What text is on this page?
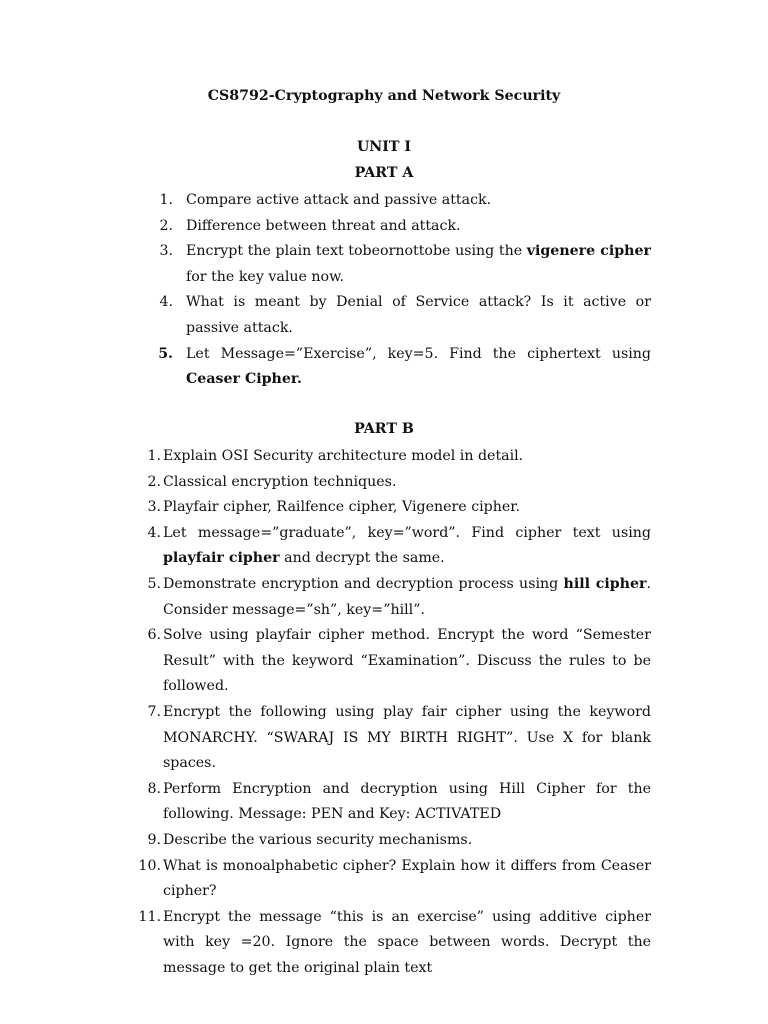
CS8792-Cryptography and Network Security
UNIT I
PART A
1. Compare active attack and passive attack.
2. Difference between threat and attack.
3. Encrypt the plain text tobeornottobe using the vigenere cipher for the key value now.
4. What is meant by Denial of Service attack? Is it active or passive attack.
5. Let Message=”Exercise”, key=5. Find the ciphertext using Ceaser Cipher.
PART B
1. Explain OSI Security architecture model in detail.
2. Classical encryption techniques.
3. Playfair cipher, Railfence cipher, Vigenere cipher.
4. Let message=”graduate”, key=”word”. Find cipher text using playfair cipher and decrypt the same.
5. Demonstrate encryption and decryption process using hill cipher. Consider message=”sh”, key=”hill”.
6. Solve using playfair cipher method. Encrypt the word “Semester Result” with the keyword “Examination”. Discuss the rules to be followed.
7. Encrypt the following using play fair cipher using the keyword MONARCHY. “SWARAJ IS MY BIRTH RIGHT”. Use X for blank spaces.
8. Perform Encryption and decryption using Hill Cipher for the following. Message: PEN and Key: ACTIVATED
9. Describe the various security mechanisms.
10. What is monoalphabetic cipher? Explain how it differs from Ceaser cipher?
11. Encrypt the message “this is an exercise” using additive cipher with key =20. Ignore the space between words. Decrypt the message to get the original plain text
